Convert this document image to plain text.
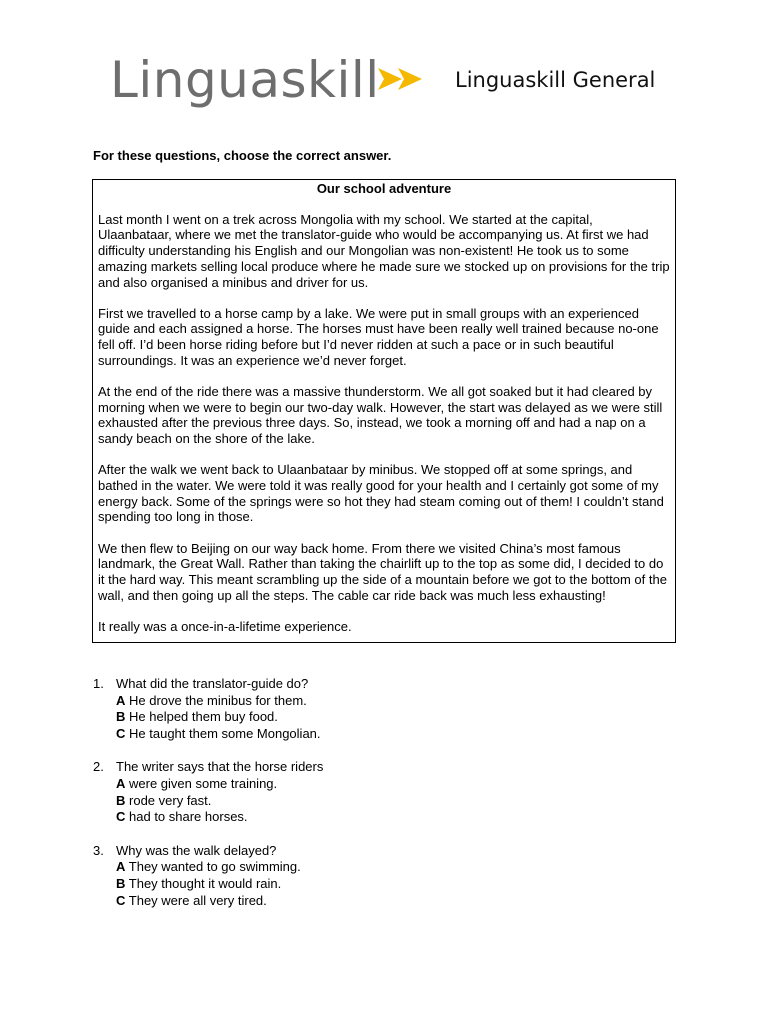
Linguaskill	Linguaskill General
For these questions, choose the correct answer.
Our school adventure

Last month I went on a trek across Mongolia with my school. We started at the capital, Ulaanbataar, where we met the translator-guide who would be accompanying us. At first we had difficulty understanding his English and our Mongolian was non-existent! He took us to some amazing markets selling local produce where he made sure we stocked up on provisions for the trip and also organised a minibus and driver for us.

First we travelled to a horse camp by a lake. We were put in small groups with an experienced guide and each assigned a horse. The horses must have been really well trained because no-one fell off. I’d been horse riding before but I’d never ridden at such a pace or in such beautiful surroundings. It was an experience we’d never forget.

At the end of the ride there was a massive thunderstorm. We all got soaked but it had cleared by morning when we were to begin our two-day walk. However, the start was delayed as we were still exhausted after the previous three days. So, instead, we took a morning off and had a nap on a sandy beach on the shore of the lake.

After the walk we went back to Ulaanbataar by minibus. We stopped off at some springs, and bathed in the water. We were told it was really good for your health and I certainly got some of my energy back. Some of the springs were so hot they had steam coming out of them! I couldn’t stand spending too long in those.

We then flew to Beijing on our way back home. From there we visited China’s most famous landmark, the Great Wall. Rather than taking the chairlift up to the top as some did, I decided to do it the hard way. This meant scrambling up the side of a mountain before we got to the bottom of the wall, and then going up all the steps. The cable car ride back was much less exhausting!

It really was a once-in-a-lifetime experience.

1. What did the translator-guide do?
A He drove the minibus for them.
B He helped them buy food.
C He taught them some Mongolian.
2. The writer says that the horse riders
A were given some training.
B rode very fast.
C had to share horses.
3. Why was the walk delayed?
A They wanted to go swimming.
B They thought it would rain.
C They were all very tired.
